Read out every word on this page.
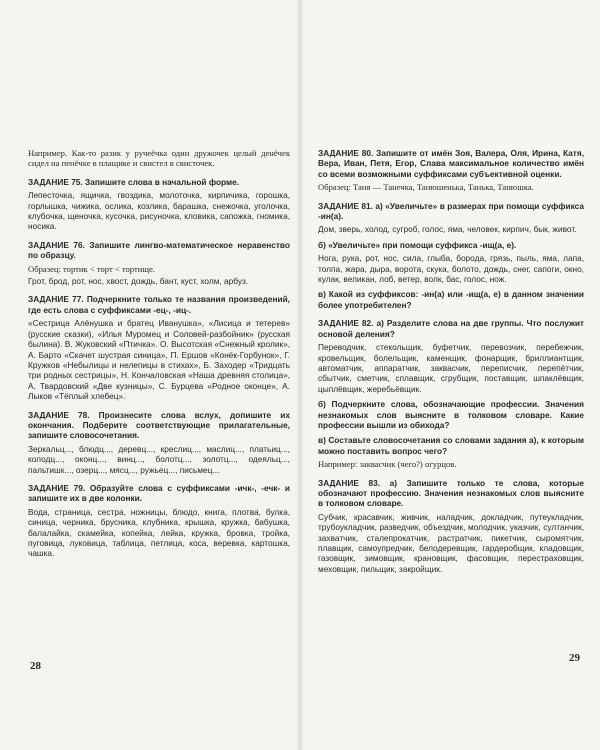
Например. Как-то разик у ручеёчка один дружочек целый денёчек сидел на пенёчке в плащике и свистел в свисточек.

ЗАДАНИЕ 75. Запишите слова в начальной форме.

Лепесточка, ящичка, гвоздика, молоточка, кирпичика, горошка, горлышка, чижика, ослика, козлика, барашка, снежочка, уголочка, клубочка, щеночка, кусочка, рисуночка, кловика, сапожка, гномика, носика.

ЗАДАНИЕ 76. Запишите лингво-математическое неравенство по образцу.

Образец: тортик < торт < тортище.

Грот, брод, рот, нос, хвост, дождь, бант, куст, холм, арбуз.

ЗАДАНИЕ 77. Подчеркните только те названия произведений, где есть слова с суффиксами -ец-, -иц-.

«Сестрица Алёнушка и братец Иванушка», «Лисица и тетерев» (русские сказки), «Илья Муромец и Соловей-разбойник» (русская былина). В. Жуковский «Птичка». О. Высотская «Снежный кролик», А. Барто «Скачет шустрая синица», П. Ершов «Конёк-Горбунок», Г. Кружков «Небылицы и нелепицы в стихах», Б. Заходер «Тридцать три родных сестрицы», Н. Кончаловская «Наша древняя столица», А. Твардовский «Две кузницы», С. Бурцева «Родное оконце», А. Лыков «Тёплый хлебец».

ЗАДАНИЕ 78. Произнесите слова вслух, допишите их окончания. Подберите соответствующие прилагательные, запишите словосочетания.

Зеркальц..., блюдц..., деревц..., креслиц..., маслиц..., платьиц..., колодц..., оконц..., винц..., болотц..., золотц..., одеяльц..., пальтишк..., озерц..., мясц..., ружьец..., письмец...

ЗАДАНИЕ 79. Образуйте слова с суффиксами -ичк-, -ечк- и запишите их в две колонки.

Вода, страница, сестра, ножницы, блюдо, книга, плотва, булка, синица, черника, брусника, клубника, крышка, кружка, бабушка, балалайка, скамейка, копейка, лейка, кружка, бровка, тройка, пуговица, луковица, таблица, петлица, коса, веревка, картошка, чашка.

28

ЗАДАНИЕ 80. Запишите от имён Зоя, Валера, Оля, Ирина, Катя, Вера, Иван, Петя, Егор, Слава максимальное количество имён со всеми возможными суффиксами субъективной оценки.

Образец: Таня — Танечка, Танюшенька, Танька, Танюшка.

ЗАДАНИЕ 81. а) «Увеличьте» в размерах при помощи суффикса -ин(а).

Дом, зверь, холод, сугроб, голос, яма, человек, кирпич, бык, живот.

б) «Увеличьте» при помощи суффикса -ищ(а, е).

Нога, рука, рот, нос, сила, глыба, борода, грязь, пыль, яма, лапа, толпа, жара, дыра, ворота, скука, болото, дождь, снег, сапоги, окно, кулак, великан, лоб, ветер, волк, бас, голос, нож.

в) Какой из суффиксов: -ин(а) или -ищ(а, е) в данном значении более употребителен?

ЗАДАНИЕ 82. а) Разделите слова на две группы. Что послужит основой деления?

Переводчик, стекольщик, буфетчик, перевозчик, перебежчик, кровельщик, болельщик, каменщик, фонарщик, бриллиантщик, автоматчик, аппаратчик, заквасчик, переписчик, перепётчик, сбытчик, сметчик, сплавщик, сгрубщик, поставщик, шпаклёвщик, цыплёвщик, жеребьёвщик.

б) Подчеркните слова, обозначающие профессии. Значения незнакомых слов выясните в толковом словаре. Какие профессии вышли из обихода?

в) Составьте словосочетания со словами задания а), к которым можно поставить вопрос чего?

Например: заквасчик (чего?) огурцов.

ЗАДАНИЕ 83. а) Запишите только те слова, которые обозначают профессию. Значения незнакомых слов выясните в толковом словаре.

Субчик, красавчик, живчик, наладчик, докладчик, путеукладчик, трубоукладчик, разведчик, объездчик, молодчик, указчик, султанчик, захватчик, сталепрокатчик, растратчик, пикетчик, сыромятчик, плавщик, самоупредчик, белодеревщик, гардеробщик, кладовщик, газовщик, зимовщик, крановщик, фасовщик, перестраховщик, меховщик, пильщик, закройщик.

29
